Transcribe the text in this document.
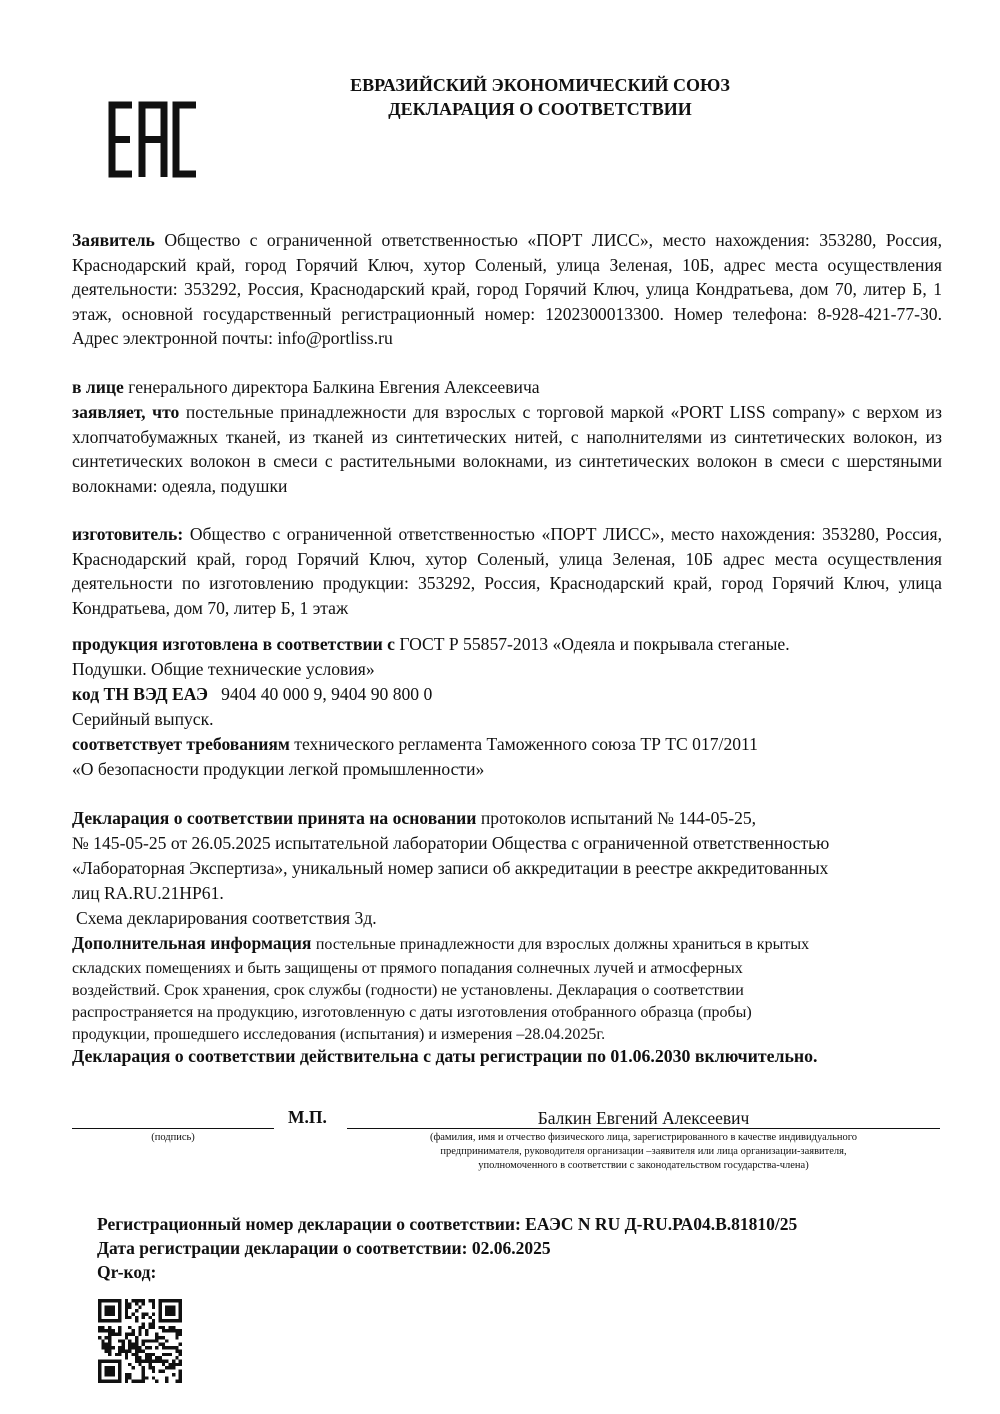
ЕВРАЗИЙСКИЙ ЭКОНОМИЧЕСКИЙ СОЮЗ
ДЕКЛАРАЦИЯ О СООТВЕТСТВИИ
Заявитель Общество с ограниченной ответственностью «ПОРТ ЛИСС», место нахождения: 353280, Россия, Краснодарский край, город Горячий Ключ, хутор Соленый, улица Зеленая, 10Б, адрес места осуществления деятельности: 353292, Россия, Краснодарский край, город Горячий Ключ, улица Кондратьева, дом 70, литер Б, 1 этаж, основной государственный регистрационный номер: 1202300013300. Номер телефона: 8-928-421-77-30. Адрес электронной почты: info@portliss.ru
в лице генерального директора Балкина Евгения Алексеевича
заявляет, что постельные принадлежности для взрослых с торговой маркой «PORT LISS company» с верхом из хлопчатобумажных тканей, из тканей из синтетических нитей, с наполнителями из синтетических волокон, из синтетических волокон в смеси с растительными волокнами, из синтетических волокон в смеси с шерстяными волокнами: одеяла, подушки
изготовитель: Общество с ограниченной ответственностью «ПОРТ ЛИСС», место нахождения: 353280, Россия, Краснодарский край, город Горячий Ключ, хутор Соленый, улица Зеленая, 10Б адрес места осуществления деятельности по изготовлению продукции: 353292, Россия, Краснодарский край, город Горячий Ключ, улица Кондратьева, дом 70, литер Б, 1 этаж
продукция изготовлена в соответствии с ГОСТ Р 55857-2013 «Одеяла и покрывала стеганые.
Подушки. Общие технические условия»
код ТН ВЭД ЕАЭ 9404 40 000 9, 9404 90 800 0
Серийный выпуск.
соответствует требованиям технического регламента Таможенного союза ТР ТС 017/2011
«О безопасности продукции легкой промышленности»
Декларация о соответствии принята на основании протоколов испытаний № 144-05-25,
№ 145-05-25 от 26.05.2025 испытательной лаборатории Общества с ограниченной ответственностью
«Лабораторная Экспертиза», уникальный номер записи об аккредитации в реестре аккредитованных
лиц RA.RU.21НР61.
Схема декларирования соответствия 3д.
Дополнительная информация постельные принадлежности для взрослых должны храниться в крытых
складских помещениях и быть защищены от прямого попадания солнечных лучей и атмосферных
воздействий. Срок хранения, срок службы (годности) не установлены. Декларация о соответствии
распространяется на продукцию, изготовленную с даты изготовления отобранного образца (пробы)
продукции, прошедшего исследования (испытания) и измерения –28.04.2025г.
Декларация о соответствии действительна с даты регистрации по 01.06.2030 включительно.
М.П.	Балкин Евгений Алексеевич
(подпись)	(фамилия, имя и отчество физического лица, зарегистрированного в качестве индивидуального
предпринимателя, руководителя организации –заявителя или лица организации-заявителя,
уполномоченного в соответствии с законодательством государства-члена)
Регистрационный номер декларации о соответствии: ЕАЭС N RU Д-RU.РА04.В.81810/25
Дата регистрации декларации о соответствии: 02.06.2025
Qr-код:
